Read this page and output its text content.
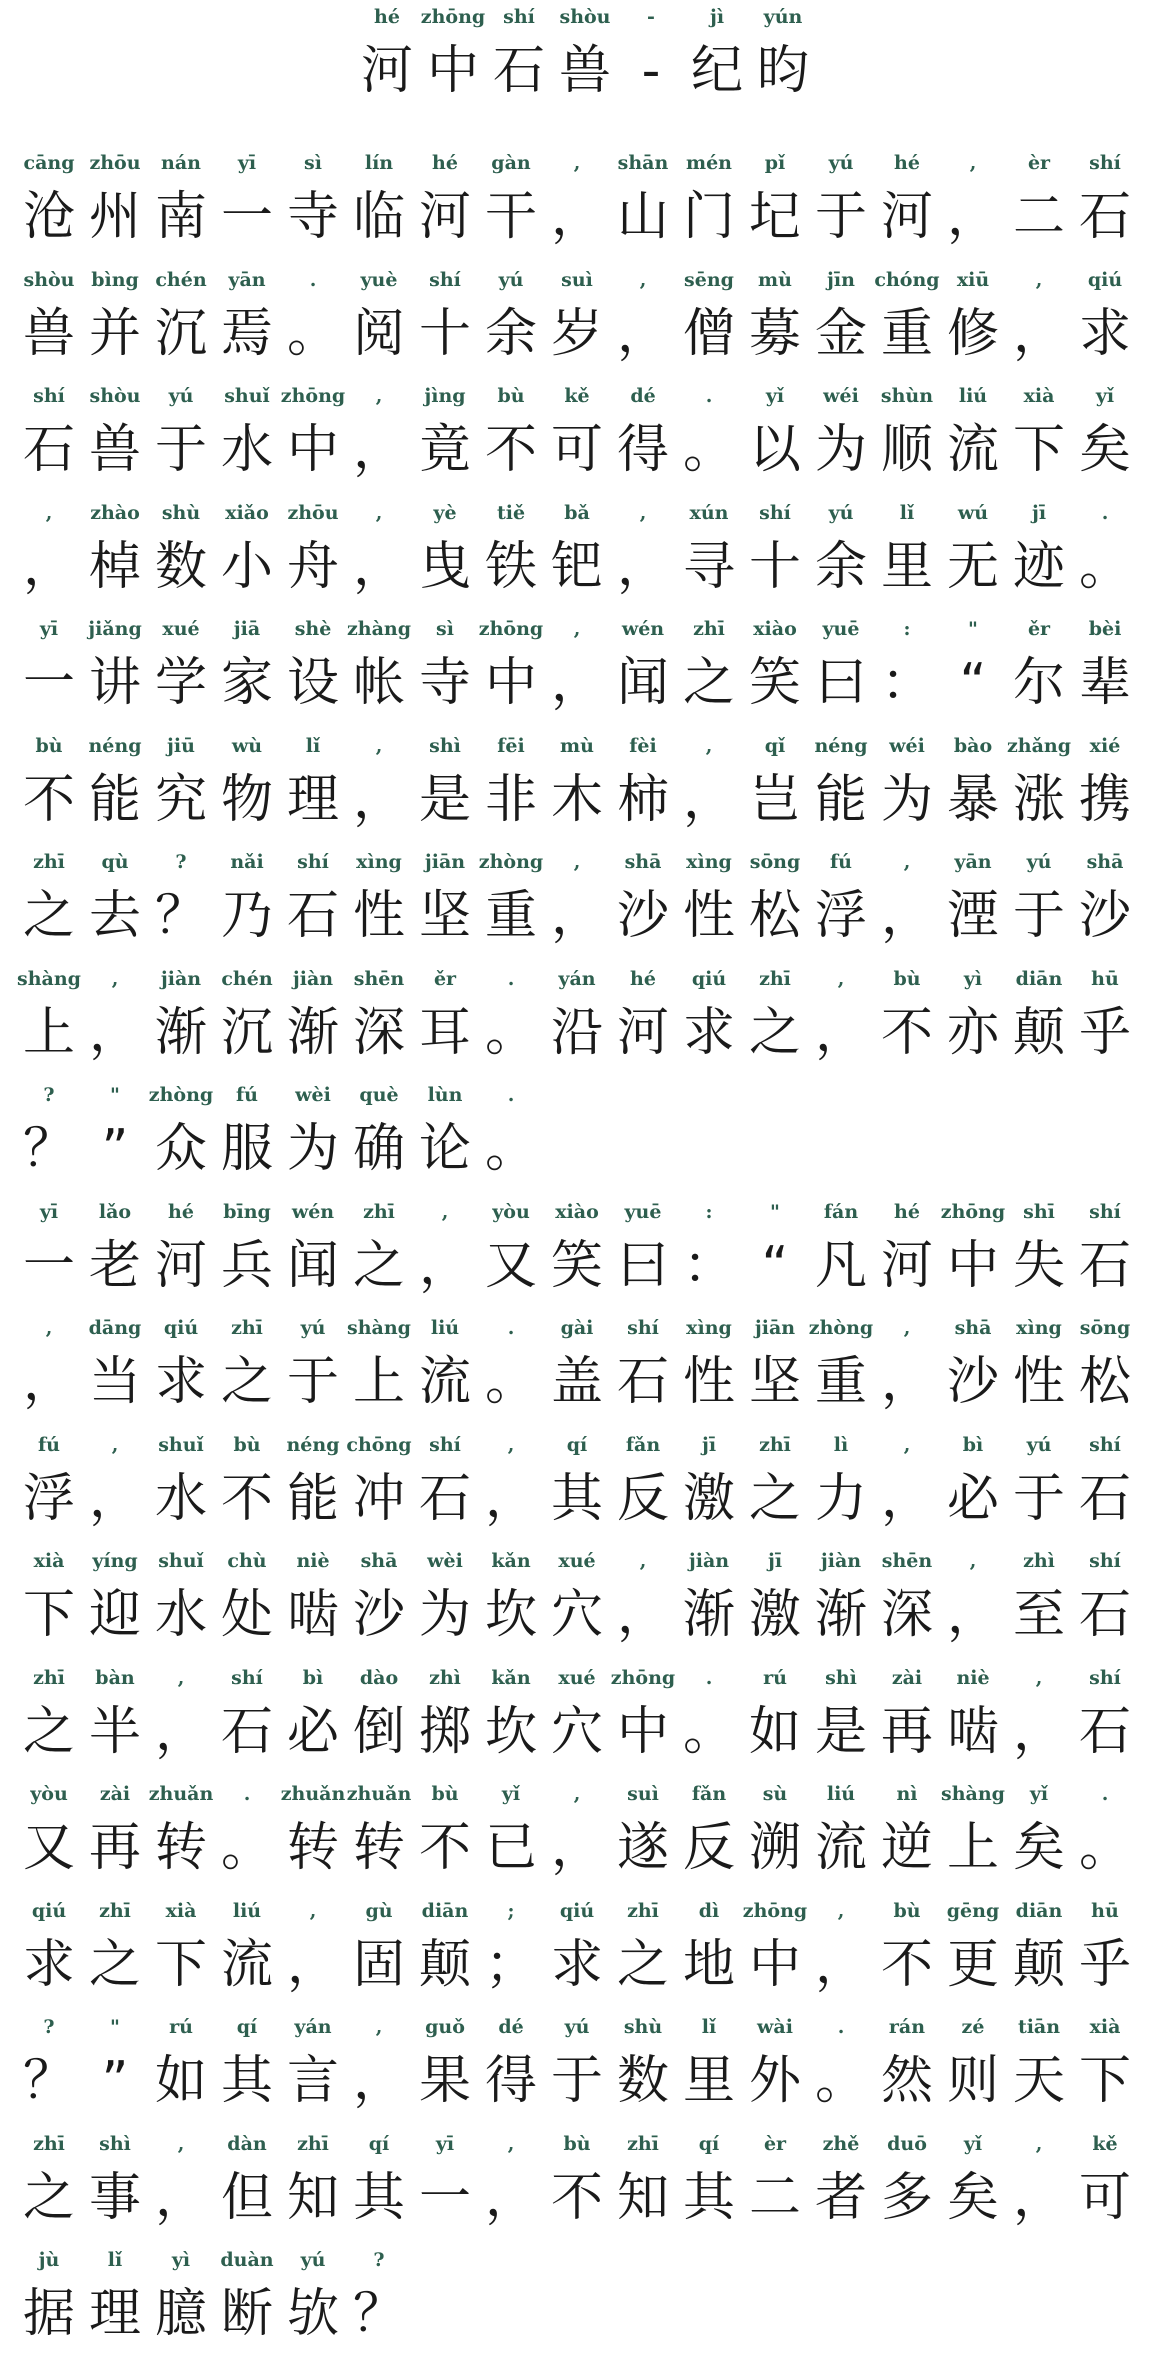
hé
河
zhōng
中
shí
石
shòu
兽
-
-
jì
纪
yún
昀
cāng
沧
zhōu
州
nán
南
yī
一
sì
寺
lín
临
hé
河
gàn
干
,
，
shān
山
mén
门
pǐ
圮
yú
于
hé
河
,
，
èr
二
shí
石
shòu
兽
bìng
并
chén
沉
yān
焉
.
。
yuè
阅
shí
十
yú
余
suì
岁
,
，
sēng
僧
mù
募
jīn
金
chóng
重
xiū
修
,
，
qiú
求
shí
石
shòu
兽
yú
于
shuǐ
水
zhōng
中
,
，
jìng
竟
bù
不
kě
可
dé
得
.
。
yǐ
以
wéi
为
shùn
顺
liú
流
xià
下
yǐ
矣
,
，
zhào
棹
shù
数
xiǎo
小
zhōu
舟
,
，
yè
曳
tiě
铁
bǎ
钯
,
，
xún
寻
shí
十
yú
余
lǐ
里
wú
无
jī
迹
.
。
yī
一
jiǎng
讲
xué
学
jiā
家
shè
设
zhàng
帐
sì
寺
zhōng
中
,
，
wén
闻
zhī
之
xiào
笑
yuē
曰
:
：
"
“
ěr
尔
bèi
辈
bù
不
néng
能
jiū
究
wù
物
lǐ
理
,
，
shì
是
fēi
非
mù
木
fèi
柿
,
，
qǐ
岂
néng
能
wéi
为
bào
暴
zhǎng
涨
xié
携
zhī
之
qù
去
?
？
nǎi
乃
shí
石
xìng
性
jiān
坚
zhòng
重
,
，
shā
沙
xìng
性
sōng
松
fú
浮
,
，
yān
湮
yú
于
shā
沙
shàng
上
,
，
jiàn
渐
chén
沉
jiàn
渐
shēn
深
ěr
耳
.
。
yán
沿
hé
河
qiú
求
zhī
之
,
，
bù
不
yì
亦
diān
颠
hū
乎
?
？
"
”
zhòng
众
fú
服
wèi
为
què
确
lùn
论
.
。
yī
一
lǎo
老
hé
河
bīng
兵
wén
闻
zhī
之
,
，
yòu
又
xiào
笑
yuē
曰
:
：
"
“
fán
凡
hé
河
zhōng
中
shī
失
shí
石
,
，
dāng
当
qiú
求
zhī
之
yú
于
shàng
上
liú
流
.
。
gài
盖
shí
石
xìng
性
jiān
坚
zhòng
重
,
，
shā
沙
xìng
性
sōng
松
fú
浮
,
，
shuǐ
水
bù
不
néng
能
chōng
冲
shí
石
,
，
qí
其
fǎn
反
jī
激
zhī
之
lì
力
,
，
bì
必
yú
于
shí
石
xià
下
yíng
迎
shuǐ
水
chù
处
niè
啮
shā
沙
wèi
为
kǎn
坎
xué
穴
,
，
jiàn
渐
jī
激
jiàn
渐
shēn
深
,
，
zhì
至
shí
石
zhī
之
bàn
半
,
，
shí
石
bì
必
dào
倒
zhì
掷
kǎn
坎
xué
穴
zhōng
中
.
。
rú
如
shì
是
zài
再
niè
啮
,
，
shí
石
yòu
又
zài
再
zhuǎn
转
.
。
zhuǎn
转
zhuǎn
转
bù
不
yǐ
已
,
，
suì
遂
fǎn
反
sù
溯
liú
流
nì
逆
shàng
上
yǐ
矣
.
。
qiú
求
zhī
之
xià
下
liú
流
,
，
gù
固
diān
颠
;
；
qiú
求
zhī
之
dì
地
zhōng
中
,
，
bù
不
gēng
更
diān
颠
hū
乎
?
？
"
”
rú
如
qí
其
yán
言
,
，
guǒ
果
dé
得
yú
于
shù
数
lǐ
里
wài
外
.
。
rán
然
zé
则
tiān
天
xià
下
zhī
之
shì
事
,
，
dàn
但
zhī
知
qí
其
yī
一
,
，
bù
不
zhī
知
qí
其
èr
二
zhě
者
duō
多
yǐ
矣
,
，
kě
可
jù
据
lǐ
理
yì
臆
duàn
断
yú
欤
?
？
